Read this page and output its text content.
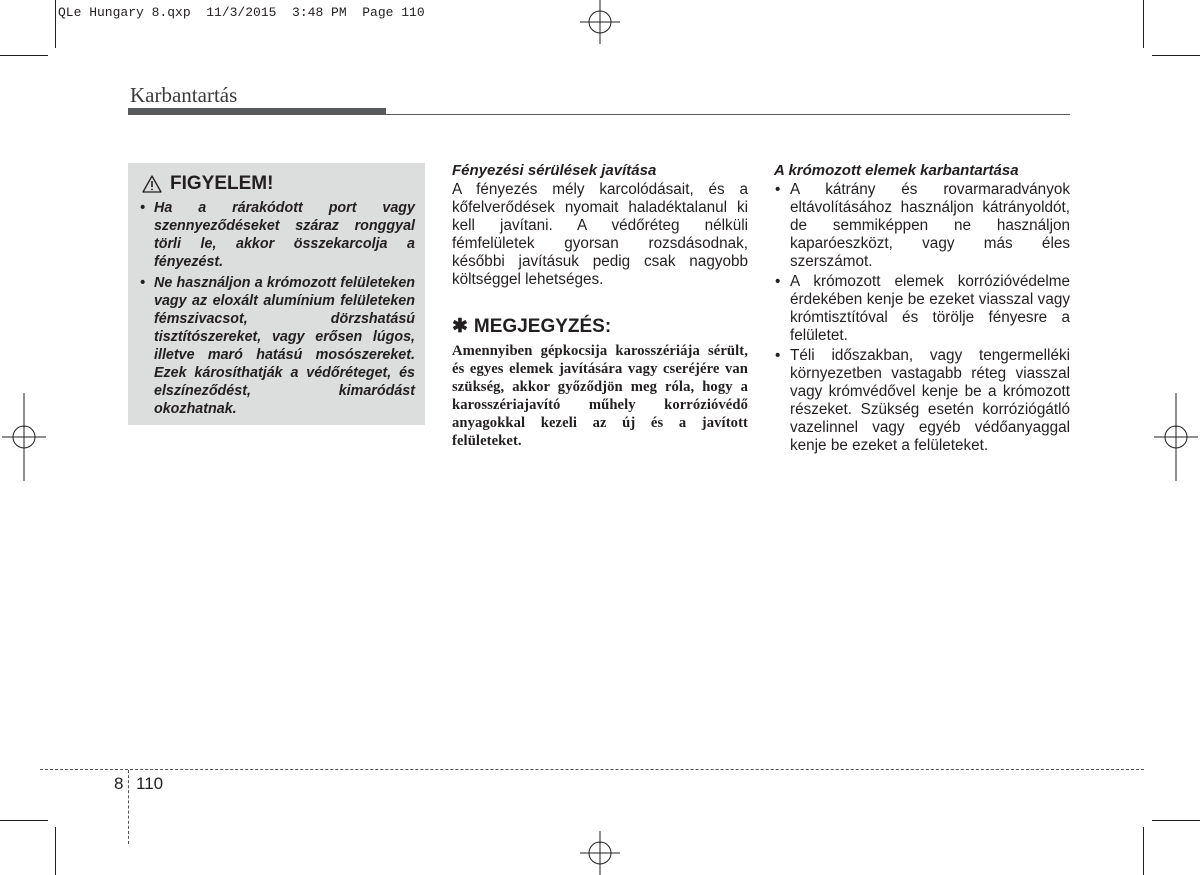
QLe Hungary 8.qxp  11/3/2015  3:48 PM  Page 110
Karbantartás
FIGYELEM!
• Ha a rárakódott port vagy szennyeződéseket száraz ronggyal törli le, akkor összekarcolja a fényezést.
• Ne használjon a krómozott felületeken vagy az eloxált alumínium felületeken fémszivacsot, dörzshatású tisztítószereket, vagy erősen lúgos, illetve maró hatású mosószereket. Ezek károsíthatják a védőréteget, és elszíneződést, kimaródást okozhatnak.
Fényezési sérülések javítása
A fényezés mély karcolódásait, és a kőfelverődések nyomait haladéktalanul ki kell javítani. A védőréteg nélküli fémfelületek gyorsan rozsdásodnak, későbbi javításuk pedig csak nagyobb költséggel lehetséges.
✱ MEGJEGYZÉS:
Amennyiben gépkocsija karosszériája sérült, és egyes elemek javítására vagy cseréjére van szükség, akkor győződjön meg róla, hogy a karosszériajavító műhely korrózióvédő anyagokkal kezeli az új és a javított felületeket.
A krómozott elemek karbantartása
• A kátrány és rovarmaradványok eltávolításához használjon kátrányoldót, de semmiképpen ne használjon kaparóeszközt, vagy más éles szerszámot.
• A krómozott elemek korrózióvédelme érdekében kenje be ezeket viasszal vagy krómtisztítóval és törölje fényesre a felületet.
• Téli időszakban, vagy tengermelléki környezetben vastagabb réteg viasszal vagy krómvédővel kenje be a krómozott részeket. Szükség esetén korróziógátló vazelinnel vagy egyéb védőanyaggal kenje be ezeket a felületeket.
8 110
